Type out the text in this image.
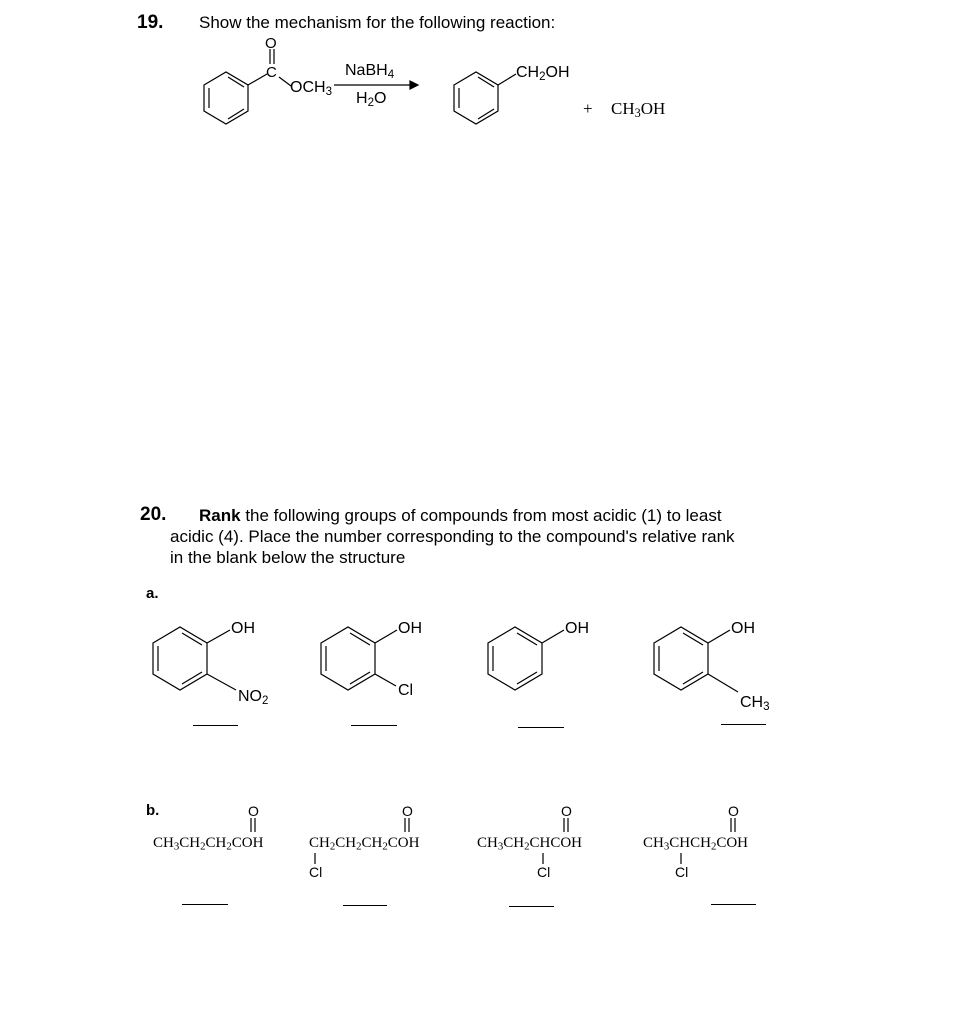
19. Show the mechanism for the following reaction:
O
C
$OCH_3$
NaBH$_4$
$H_2O$
$CH_2OH$
+ $CH_3OH$
20. Rank the following groups of compounds from most acidic (1) to least
acidic (4). Place the number corresponding to the compound's relative rank
in the blank below the structure
a.
OH
$NO_2$
OH
Cl
OH	OH
$CH_3$
b.	O
$CH_3CH_2CH_2COH$
O
$CH_2CH_2CH_2COH$
Cl
O
$CH_3CH_2CHCOH$
Cl
O
$CH_3CHCH_2COH$
Cl
